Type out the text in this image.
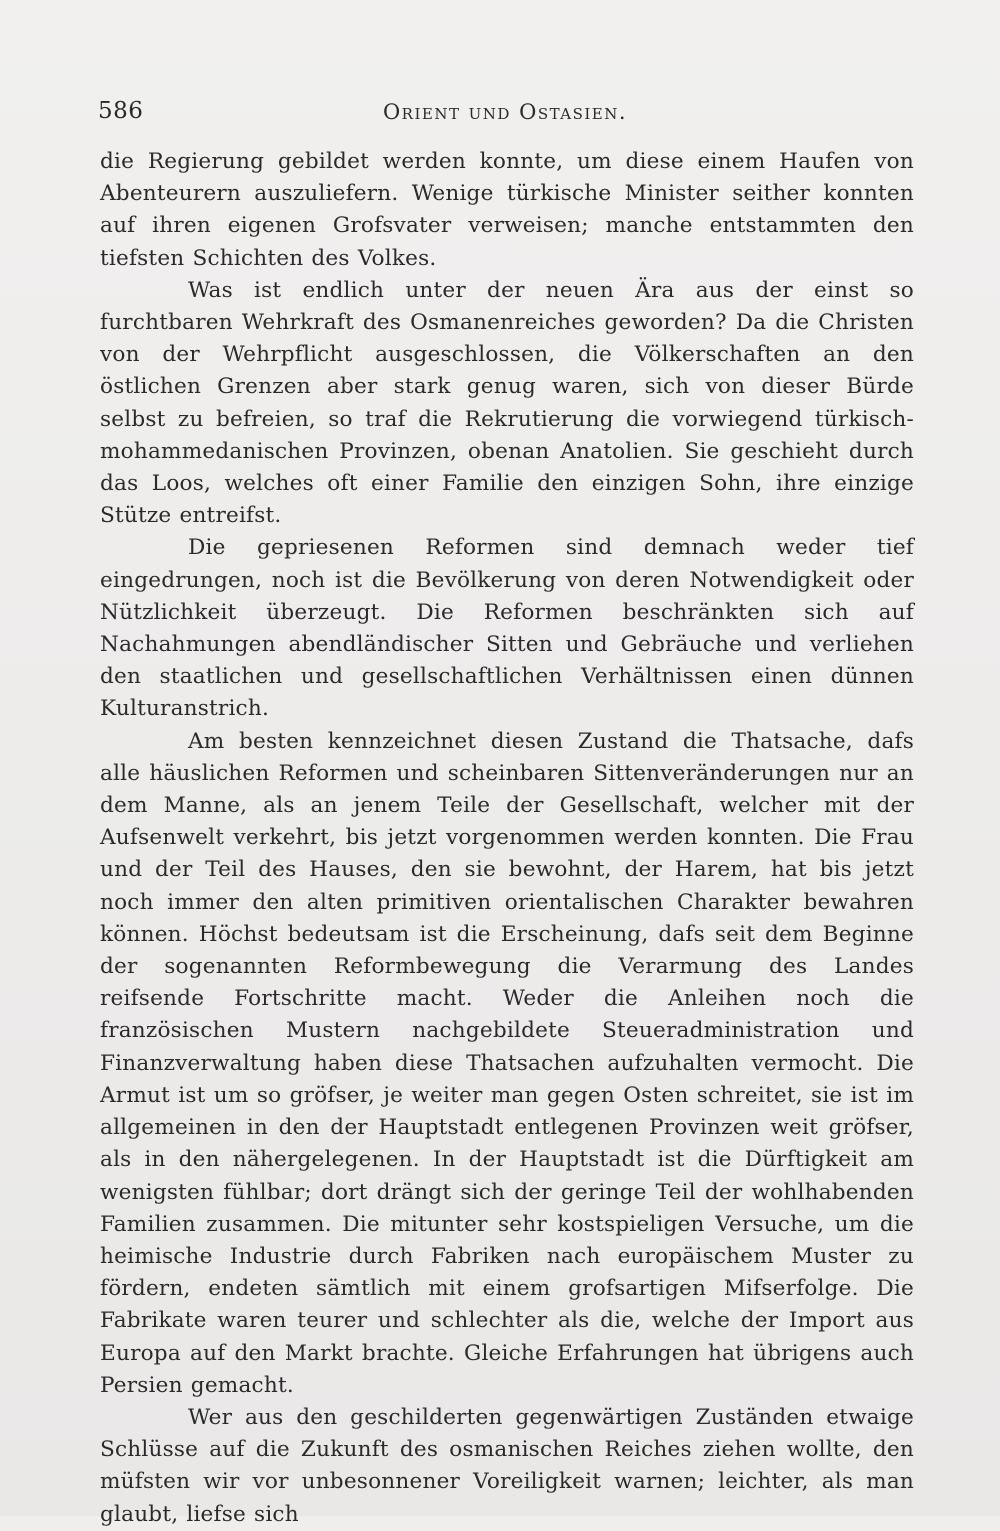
586	Orient und Ostasien.

die Regierung gebildet werden konnte, um diese einem Haufen von Abenteurern auszuliefern. Wenige türkische Minister seither konnten auf ihren eigenen Grofsvater verweisen; manche entstammten den tiefsten Schichten des Volkes.

Was ist endlich unter der neuen Ära aus der einst so furchtbaren Wehrkraft des Osmanenreiches geworden? Da die Christen von der Wehrpflicht ausgeschlossen, die Völkerschaften an den östlichen Grenzen aber stark genug waren, sich von dieser Bürde selbst zu befreien, so traf die Rekrutierung die vorwiegend türkisch-mohammedanischen Provinzen, obenan Anatolien. Sie geschieht durch das Loos, welches oft einer Familie den einzigen Sohn, ihre einzige Stütze entreifst.

Die gepriesenen Reformen sind demnach weder tief eingedrungen, noch ist die Bevölkerung von deren Notwendigkeit oder Nützlichkeit überzeugt. Die Reformen beschränkten sich auf Nachahmungen abendländischer Sitten und Gebräuche und verliehen den staatlichen und gesellschaftlichen Verhältnissen einen dünnen Kulturanstrich.

Am besten kennzeichnet diesen Zustand die Thatsache, dafs alle häuslichen Reformen und scheinbaren Sittenveränderungen nur an dem Manne, als an jenem Teile der Gesellschaft, welcher mit der Aufsenwelt verkehrt, bis jetzt vorgenommen werden konnten. Die Frau und der Teil des Hauses, den sie bewohnt, der Harem, hat bis jetzt noch immer den alten primitiven orientalischen Charakter bewahren können. Höchst bedeutsam ist die Erscheinung, dafs seit dem Beginne der sogenannten Reformbewegung die Verarmung des Landes reifsende Fortschritte macht. Weder die Anleihen noch die französischen Mustern nachgebildete Steueradministration und Finanzverwaltung haben diese Thatsachen aufzuhalten vermocht. Die Armut ist um so gröfser, je weiter man gegen Osten schreitet, sie ist im allgemeinen in den der Hauptstadt entlegenen Provinzen weit gröfser, als in den nähergelegenen. In der Hauptstadt ist die Dürftigkeit am wenigsten fühlbar; dort drängt sich der geringe Teil der wohlhabenden Familien zusammen. Die mitunter sehr kostspieligen Versuche, um die heimische Industrie durch Fabriken nach europäischem Muster zu fördern, endeten sämtlich mit einem grofsartigen Mifserfolge. Die Fabrikate waren teurer und schlechter als die, welche der Import aus Europa auf den Markt brachte. Gleiche Erfahrungen hat übrigens auch Persien gemacht.

Wer aus den geschilderten gegenwärtigen Zuständen etwaige Schlüsse auf die Zukunft des osmanischen Reiches ziehen wollte, den müfsten wir vor unbesonnener Voreiligkeit warnen; leichter, als man glaubt, liefse sich
